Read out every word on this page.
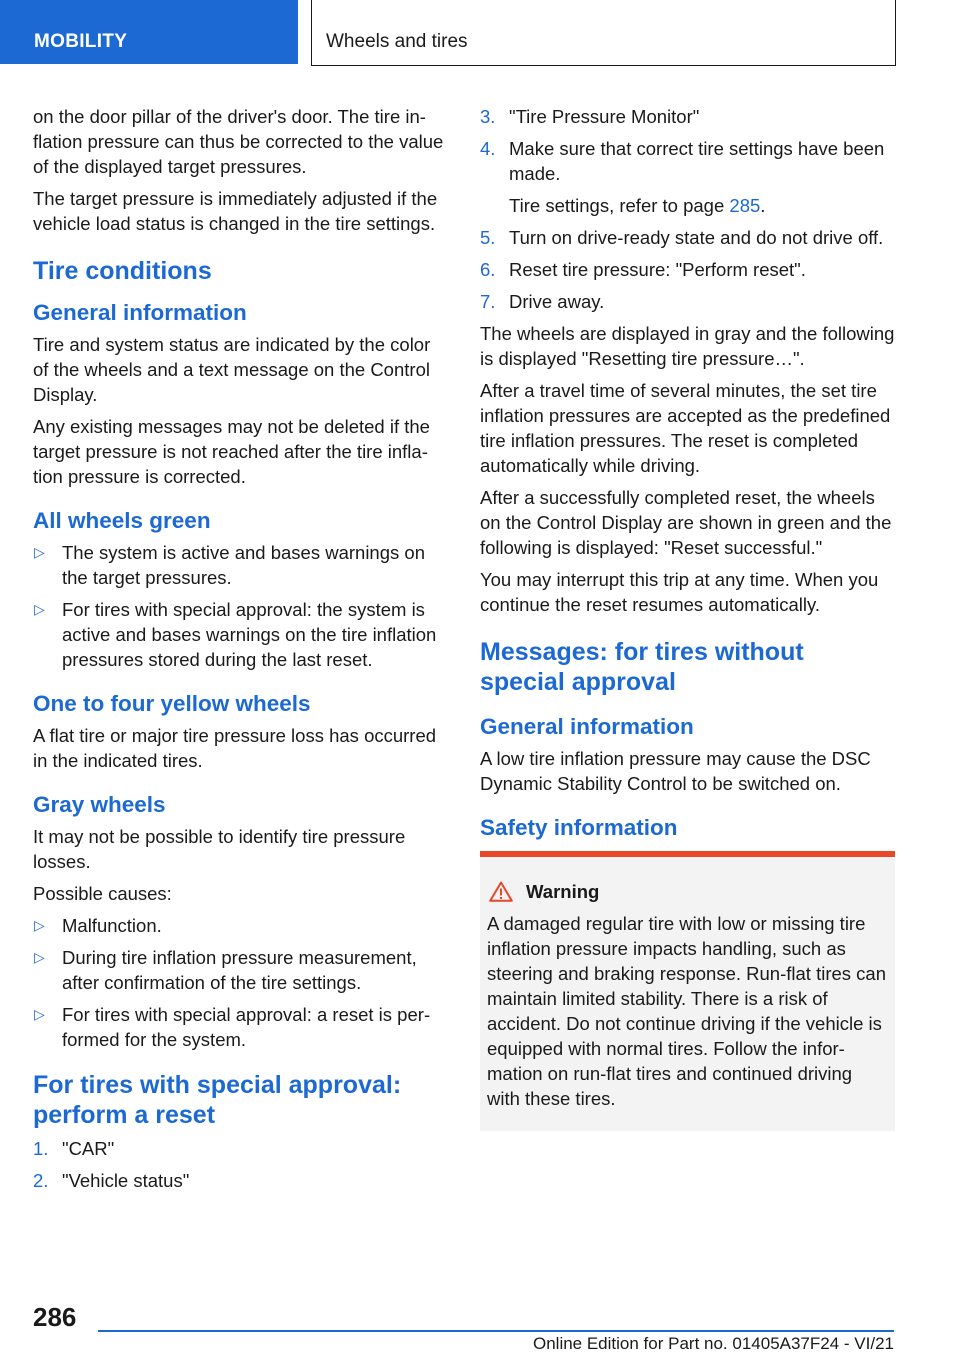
MOBILITY	Wheels and tires

on the door pillar of the driver's door. The tire inflation pressure can thus be corrected to the value of the displayed target pressures.

The target pressure is immediately adjusted if the vehicle load status is changed in the tire settings.

Tire conditions
General information

Tire and system status are indicated by the color of the wheels and a text message on the Control Display.

Any existing messages may not be deleted if the target pressure is not reached after the tire inflation pressure is corrected.

All wheels green
▷ The system is active and bases warnings on the target pressures.
▷ For tires with special approval: the system is active and bases warnings on the tire inflation pressures stored during the last reset.
One to four yellow wheels

A flat tire or major tire pressure loss has occurred in the indicated tires.

Gray wheels

It may not be possible to identify tire pressure losses.

Possible causes:

▷ Malfunction.
▷ During tire inflation pressure measurement, after confirmation of the tire settings.
▷ For tires with special approval: a reset is performed for the system.
For tires with special approval: perform a reset
1. "CAR"
2. "Vehicle status"
3. "Tire Pressure Monitor"
4. Make sure that correct tire settings have been made.
Tire settings, refer to page 285.
5. Turn on drive-ready state and do not drive off.
6. Reset tire pressure: "Perform reset".
7. Drive away.

The wheels are displayed in gray and the following is displayed "Resetting tire pressure…".

After a travel time of several minutes, the set tire inflation pressures are accepted as the predefined tire inflation pressures. The reset is completed automatically while driving.

After a successfully completed reset, the wheels on the Control Display are shown in green and the following is displayed: "Reset successful."

You may interrupt this trip at any time. When you continue the reset resumes automatically.

Messages: for tires without special approval
General information

A low tire inflation pressure may cause the DSC Dynamic Stability Control to be switched on.

Safety information
Warning
A damaged regular tire with low or missing tire inflation pressure impacts handling, such as steering and braking response. Run-flat tires can maintain limited stability. There is a risk of accident. Do not continue driving if the vehicle is equipped with normal tires. Follow the information on run-flat tires and continued driving with these tires.
286
Online Edition for Part no. 01405A37F24 - VI/21
